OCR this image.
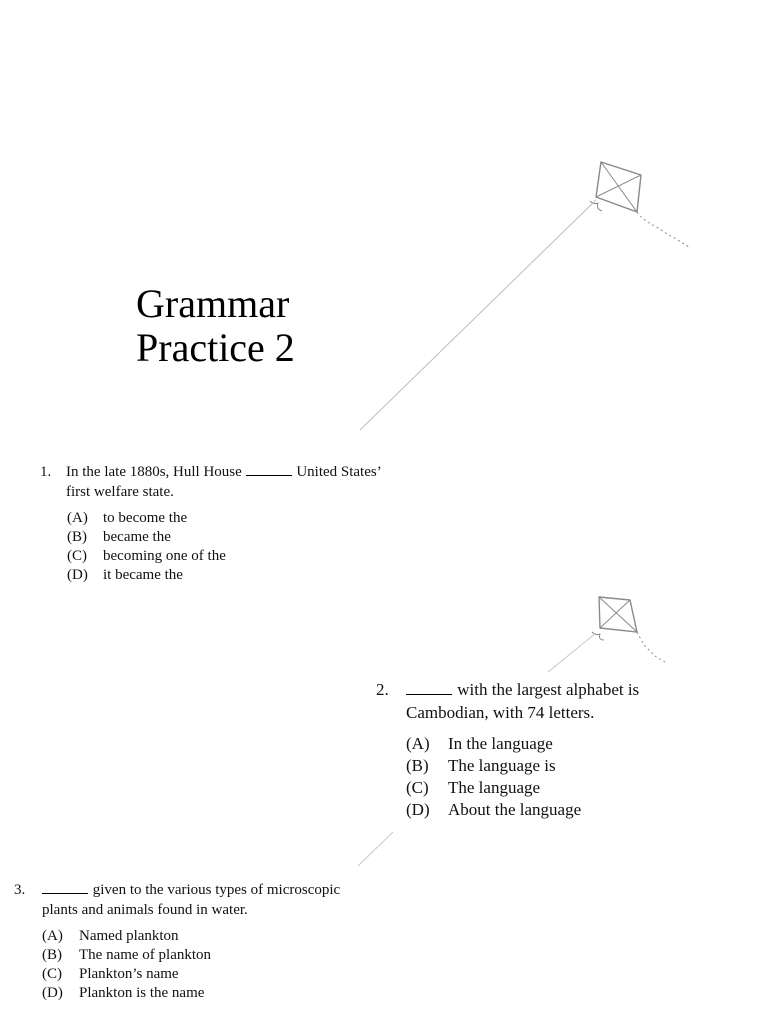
Grammar
Practice 2
1. In the late 1880s, Hull House	United States’ first welfare state.
(A)	to become the
(B)	became the
(C)	becoming one of the
(D)	it became the
2.	with the largest alphabet is Cambodian, with 74 letters.
(A)	In the language
(B)	The language is
(C)	The language
(D)	About the language
3.	given to the various types of microscopic plants and animals found in water.
(A)	Named plankton
(B)	The name of plankton
(C)	Plankton’s name
(D)	Plankton is the name
